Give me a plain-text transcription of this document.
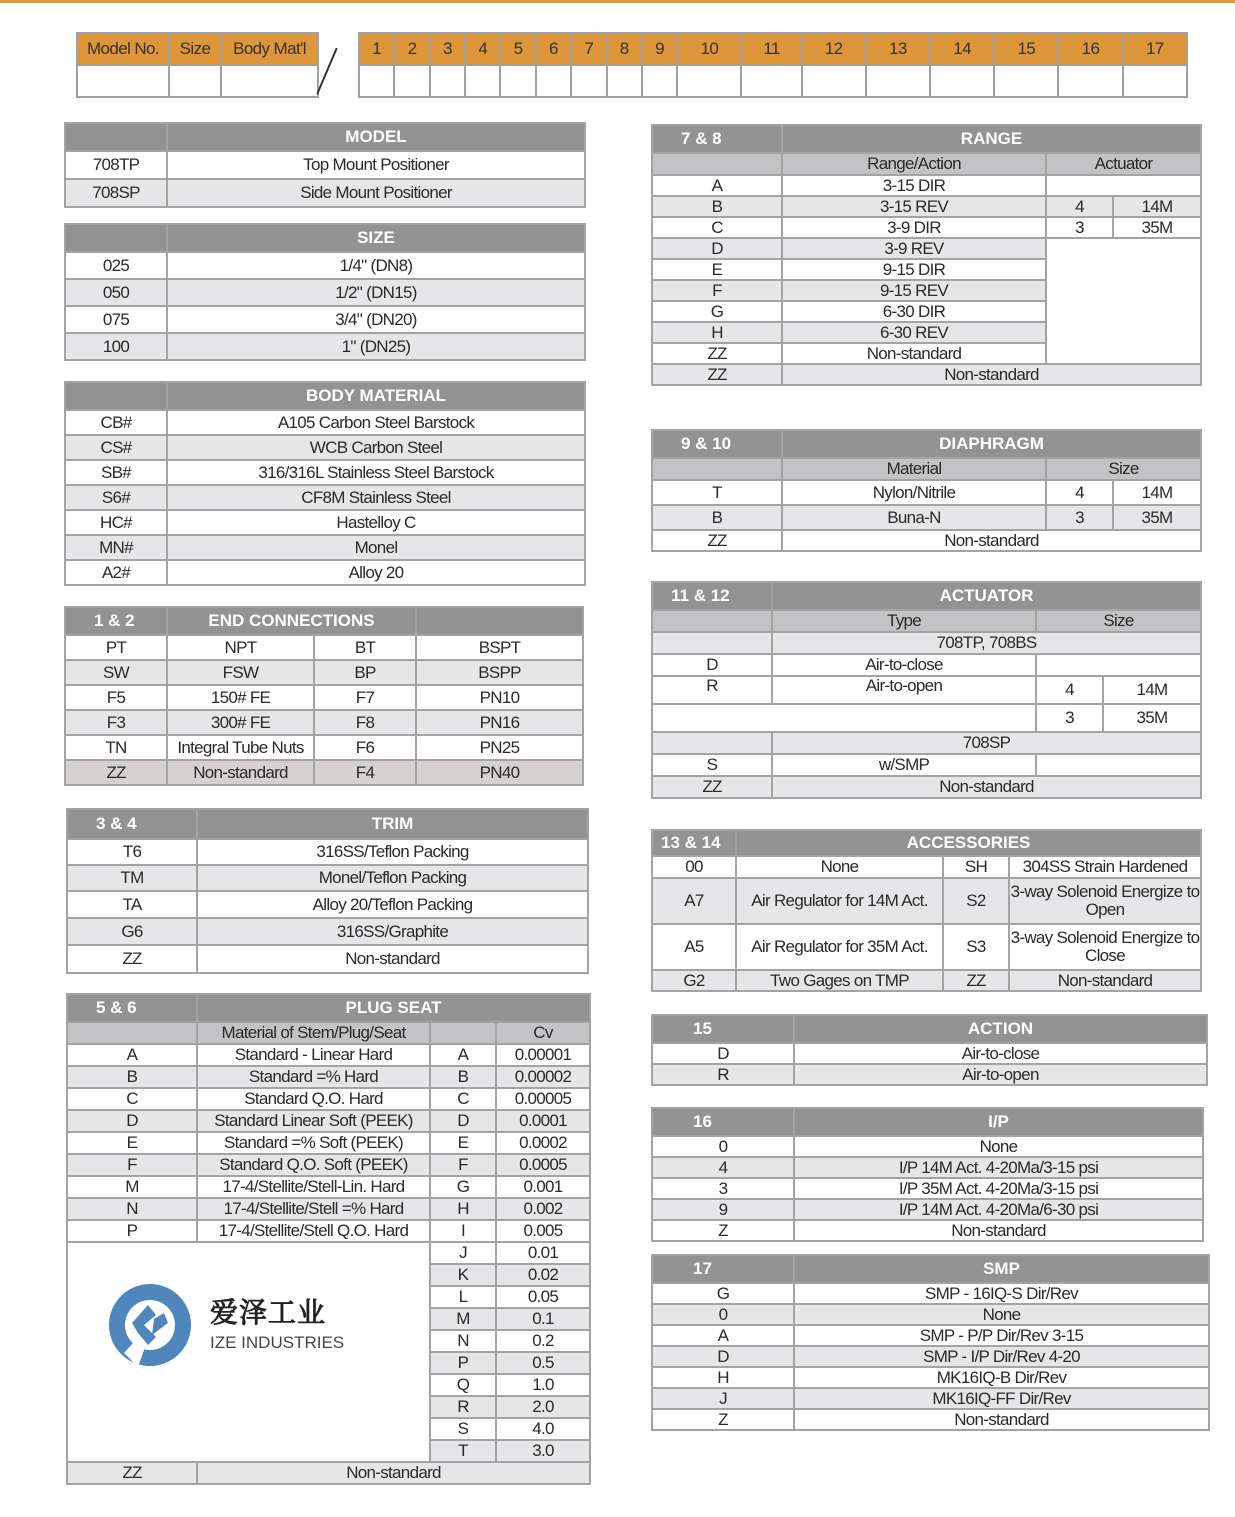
Model No.	Size	Body Mat'l
			1	2	3	4	5	6	7	8	9	10	11	12	13	14	15	16	17

	MODEL
708TP	Top Mount Positioner
708SP	Side Mount Positioner
	SIZE
025	1/4" (DN8)
050	1/2" (DN15)
075	3/4" (DN20)
100	1" (DN25)
	BODY MATERIAL
CB#	A105 Carbon Steel Barstock
CS#	WCB Carbon Steel
SB#	316/316L Stainless Steel Barstock
S6#	CF8M Stainless Steel
HC#	Hastelloy C
MN#	Monel
A2#	Alloy 20
1 & 2	END CONNECTIONS		
PT	NPT	BT	BSPT
SW	FSW	BP	BSPP
F5	150# FE	F7	PN10
F3	300# FE	F8	PN16
TN	Integral Tube Nuts	F6	PN25
ZZ	Non-standard	F4	PN40
3 & 4	TRIM
T6	316SS/Teflon Packing
TM	Monel/Teflon Packing
TA	Alloy 20/Teflon Packing
G6	316SS/Graphite
ZZ	Non-standard
5 & 6	PLUG SEAT		
	Material of Stem/Plug/Seat		Cv
A	Standard - Linear Hard	A	0.00001
B	Standard =% Hard	B	0.00002
C	Standard Q.O. Hard	C	0.00005
D	Standard Linear Soft (PEEK)	D	0.0001
E	Standard =% Soft (PEEK)	E	0.0002
F	Standard Q.O. Soft (PEEK)	F	0.0005
M	17-4/Stellite/Stell-Lin. Hard	G	0.001
N	17-4/Stellite/Stell =% Hard	H	0.002
P	17-4/Stellite/Stell Q.O. Hard	I	0.005

爱泽工业
IZE INDUSTRIES		J	0.01
		K	0.02
		L	0.05
		M	0.1
		N	0.2
		P	0.5
		Q	1.0
		R	2.0
		S	4.0
		T	3.0
ZZ	Non-standard		
7 & 8	RANGE		
	Range/Action	Actuator	
A	3-15 DIR		
B	3-15 REV	4	14M
C	3-9 DIR	3	35M
D	3-9 REV		
E	9-15 DIR		
F	9-15 REV		
G	6-30 DIR		
H	6-30 REV		
ZZ	Non-standard		
ZZ	Non-standard		
9 & 10	DIAPHRAGM		
	Material	Size	
T	Nylon/Nitrile	4	14M
B	Buna-N	3	35M
ZZ	Non-standard		
11 & 12	ACTUATOR		
	Type	Size	
	708TP, 708BS		
D	Air-to-close		
R	Air-to-open	4	14M
		3	35M
	708SP		
S	w/SMP		
ZZ	Non-standard		
13 & 14	ACCESSORIES		
00	None	SH	304SS Strain Hardened
A7	Air Regulator for 14M Act.	S2	3-way Solenoid Energize to Open
A5	Air Regulator for 35M Act.	S3	3-way Solenoid Energize to Close
G2	Two Gages on TMP	ZZ	Non-standard
15	ACTION
D	Air-to-close
R	Air-to-open
16	I/P
0	None
4	I/P 14M Act. 4-20Ma/3-15 psi
3	I/P 35M Act. 4-20Ma/3-15 psi
9	I/P 14M Act. 4-20Ma/6-30 psi
Z	Non-standard
17	SMP
G	SMP - 16IQ-S Dir/Rev
0	None
A	SMP - P/P Dir/Rev 3-15
D	SMP - I/P Dir/Rev 4-20
H	MK16IQ-B Dir/Rev
J	MK16IQ-FF Dir/Rev
Z	Non-standard
